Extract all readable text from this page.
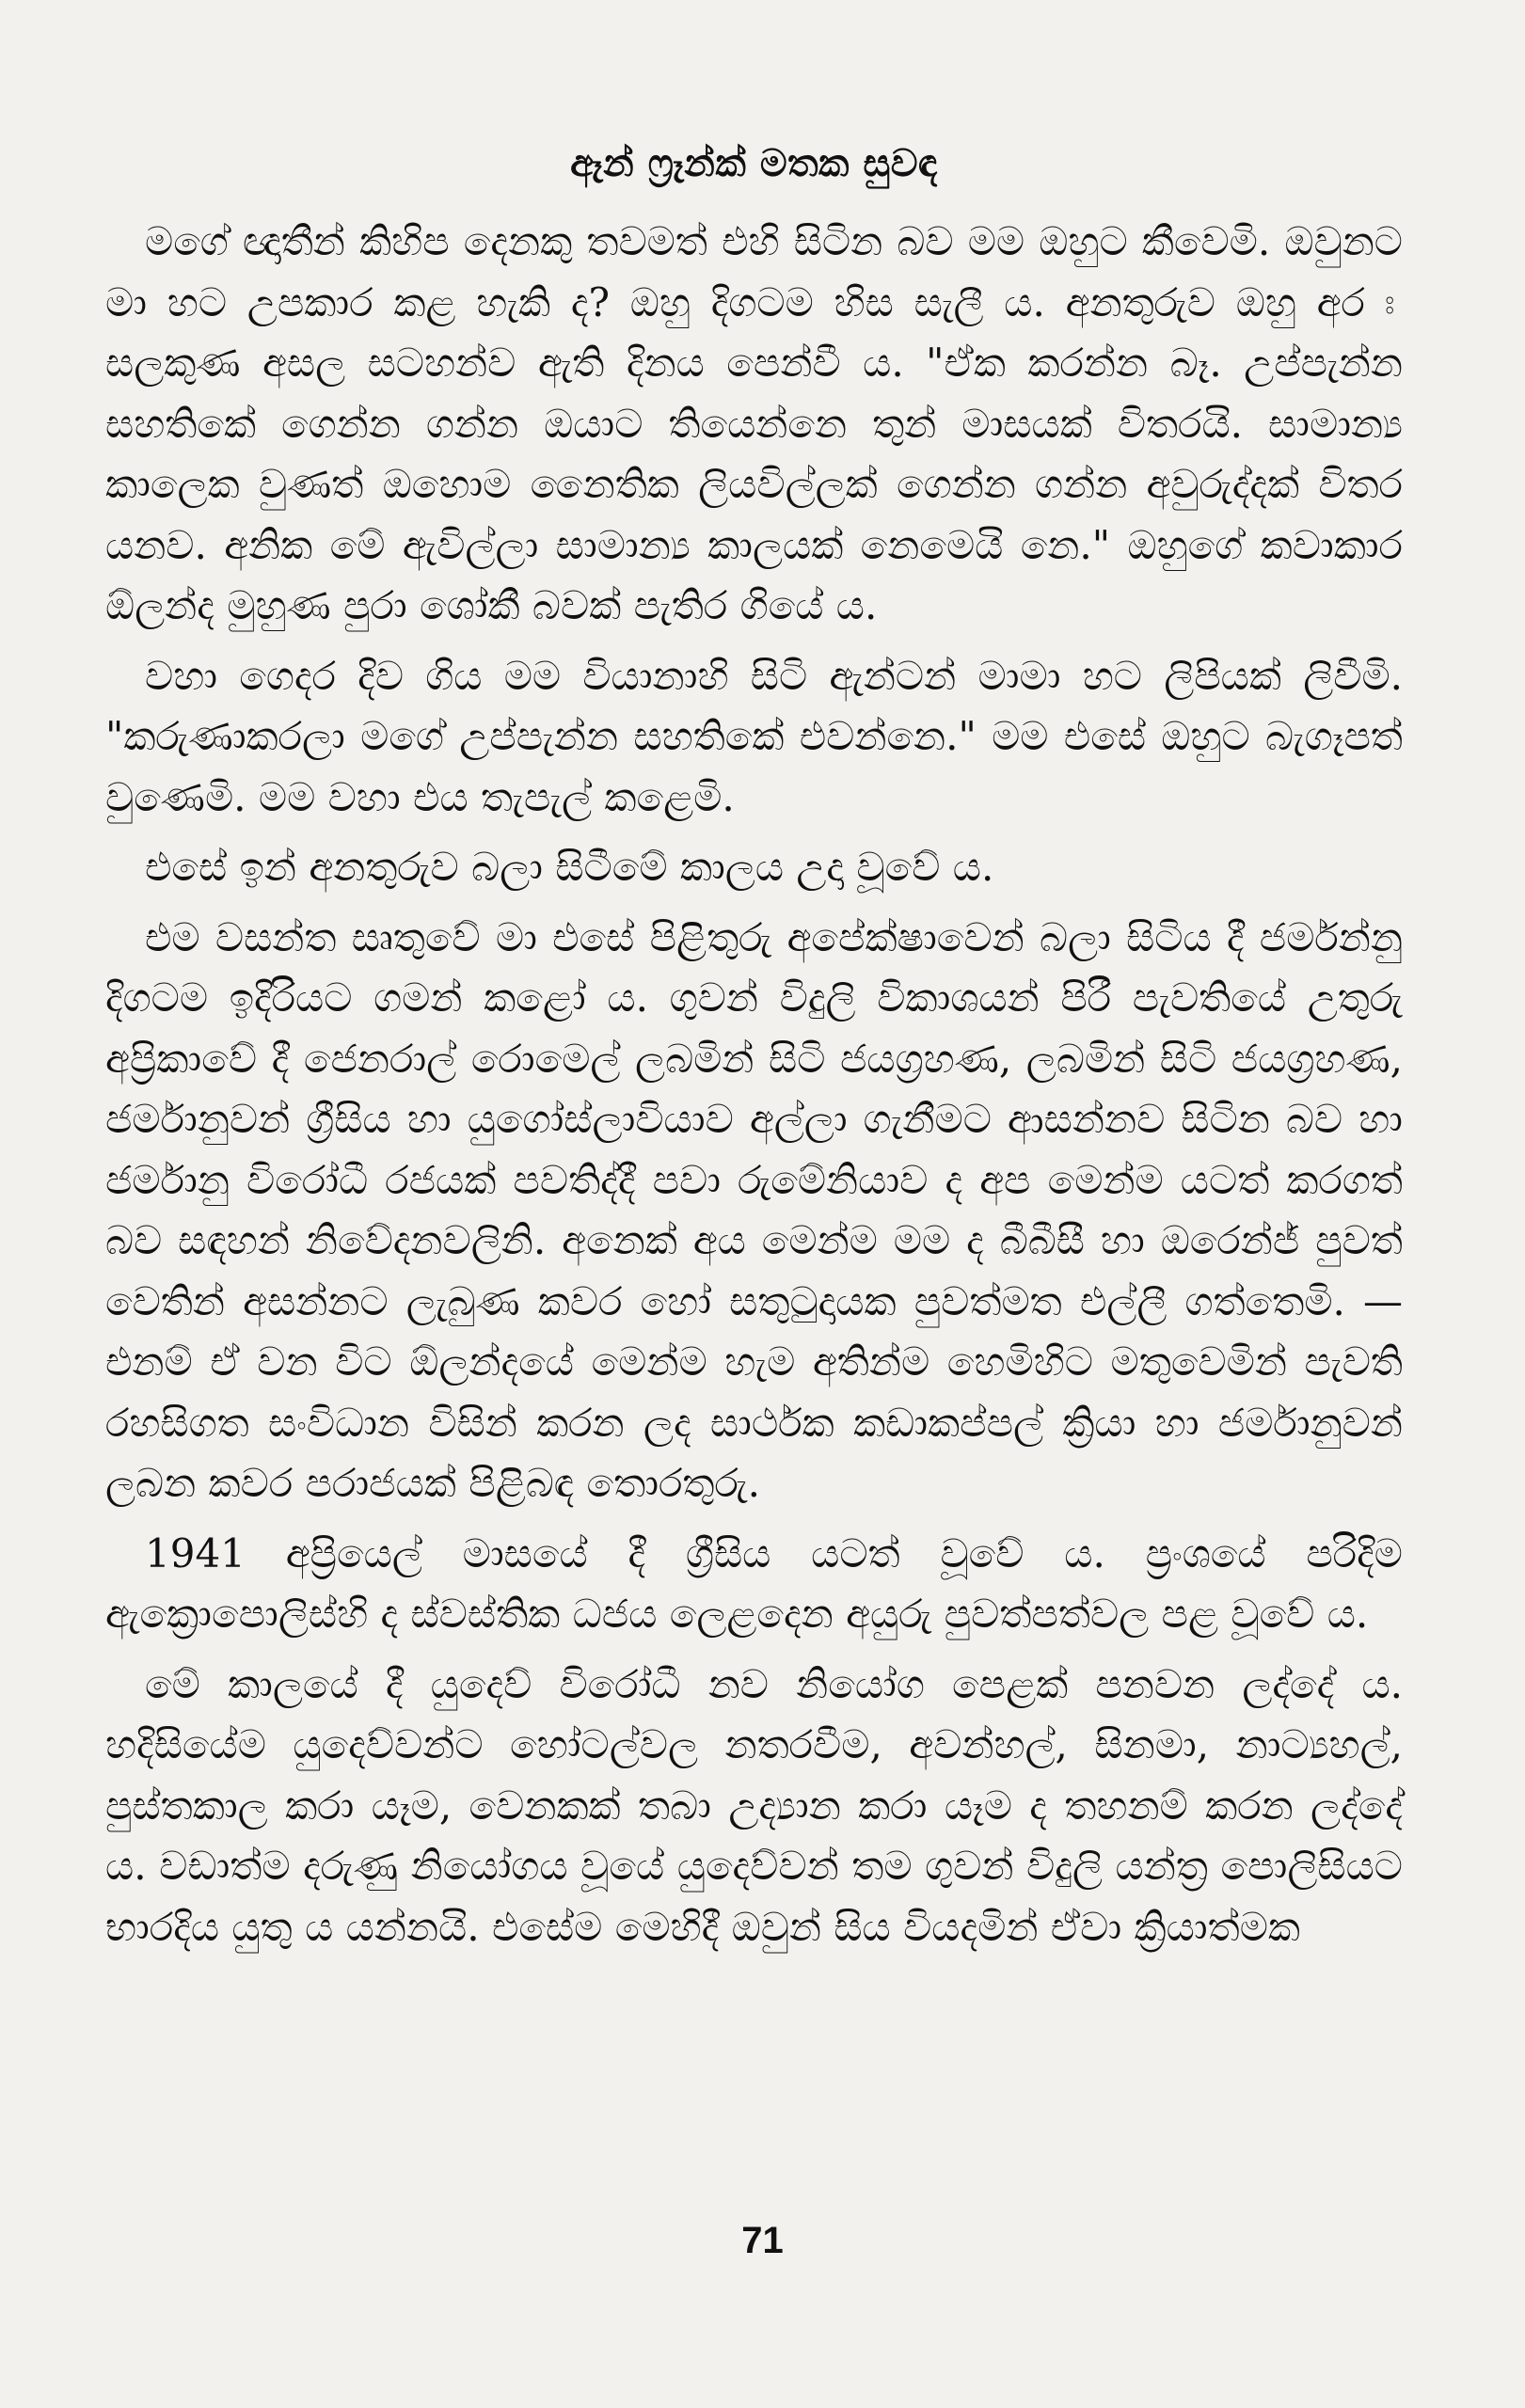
ඈන් ෆ්‍රෑන්ක් මතක සුවඳ

මගේ ඥාතීන් කිහිප දෙනකු තවමත් එහි සිටින බව මම ඔහුට කීවෙමි. ඔවුනට මා හට උපකාර කළ හැකි ද? ඔහු දිගටම හිස සැලී ය. අනතුරුව ඔහු අර ඃ සලකුණ අසල සටහන්ව ඇති දිනය පෙන්වී ය. "ඒක කරන්න බෑ. උප්පැන්න සහතිකේ ගෙන්න ගන්න ඔයාට තියෙන්නෙ තුන් මාසයක් විතරයි. සාමාන්‍ය කාලෙක වුණත් ඔහොම නෛතික ලියවිල්ලක් ගෙන්න ගන්න අවුරුද්දක් විතර යනව. අනික මේ ඇවිල්ලා සාමාන්‍ය කාලයක් නෙමෙයි නෙ." ඔහුගේ කවාකාර ඕලන්ද මුහුණ පුරා ශෝකී බවක් පැතිර ගියේ ය.

වහා ගෙදර දිව ගිය මම වියානාහි සිටි ඇන්ටන් මාමා හට ලිපියක් ලිවීමි. "කරුණාකරලා මගේ උප්පැන්න සහතිකේ එවන්නෙ." මම එසේ ඔහුට බැගෑපත් වුණෙමි. මම වහා එය තැපැල් කළෙමි.

එසේ ඉන් අනතුරුව බලා සිටීමේ කාලය උදා වූවේ ය.

එම වසන්ත සෘතුවේ මා එසේ පිළිතුරු අපේක්ෂාවෙන් බලා සිටිය දී ජර්මන්නු දිගටම ඉදිරියට ගමන් කළෝ ය. ගුවන් විදුලි විකාශයන් පිරී පැවතියේ උතුරු අප්‍රිකාවේ දී ජෙනරාල් රොමෙල් ලබමින් සිටි ජයග්‍රහණ, ලබමින් සිටි ජයග්‍රහණ, ජර්මානුවන් ග්‍රීසිය හා යුගෝස්ලාවියාව අල්ලා ගැනීමට ආසන්නව සිටින බව හා ජර්මානු විරෝධී රජයක් පවතිද්දී පවා රුමේනියාව ද අප මෙන්ම යටත් කරගත් බව සඳහන් නිවේදනවලිනි. අනෙක් අය මෙන්ම මම ද බීබීසී හා ඔරෙන්ජ් පුවත් වෙතින් අසන්නට ලැබුණ කවර හෝ සතුටුදායක පුවත්මත එල්ලී ගත්තෙමි. — එනම් ඒ වන විට ඕලන්දයේ මෙන්ම හැම අතින්ම හෙමිහිට මතුවෙමින් පැවති රහසිගත සංවිධාන විසින් කරන ලද සාර්ථක කඩාකප්පල් ක්‍රියා හා ජර්මානුවන් ලබන කවර පරාජයක් පිළිබඳ තොරතුරු.

1941 අප්‍රියෙල් මාසයේ දී ග්‍රීසිය යටත් වූවේ ය. ප්‍රංශයේ පරිදිම ඇක්‍රොපොලිස්හි ද ස්වස්තික ධජය ලෙළදෙන අයුරු පුවත්පත්වල පළ වූවේ ය.

මේ කාලයේ දී යුදෙව් විරෝධී නව නියෝග පෙළක් පනවන ලද්දේ ය. හදිසියේම යුදෙව්වන්ට හෝටල්වල නතරවීම, අවන්හල්, සිනමා, නාට්‍යහල්, පුස්තකාල කරා යෑම, වෙනකක් තබා උද්‍යාන කරා යෑම ද තහනම් කරන ලද්දේ ය. වඩාත්ම දරුණු නියෝගය වූයේ යුදෙව්වන් තම ගුවන් විදුලි යන්ත්‍ර පොලිසියට භාරදිය යුතු ය යන්නයි. එසේම මෙහිදී ඔවුන් සිය වියදමින් ඒවා ක්‍රියාත්මක

71
